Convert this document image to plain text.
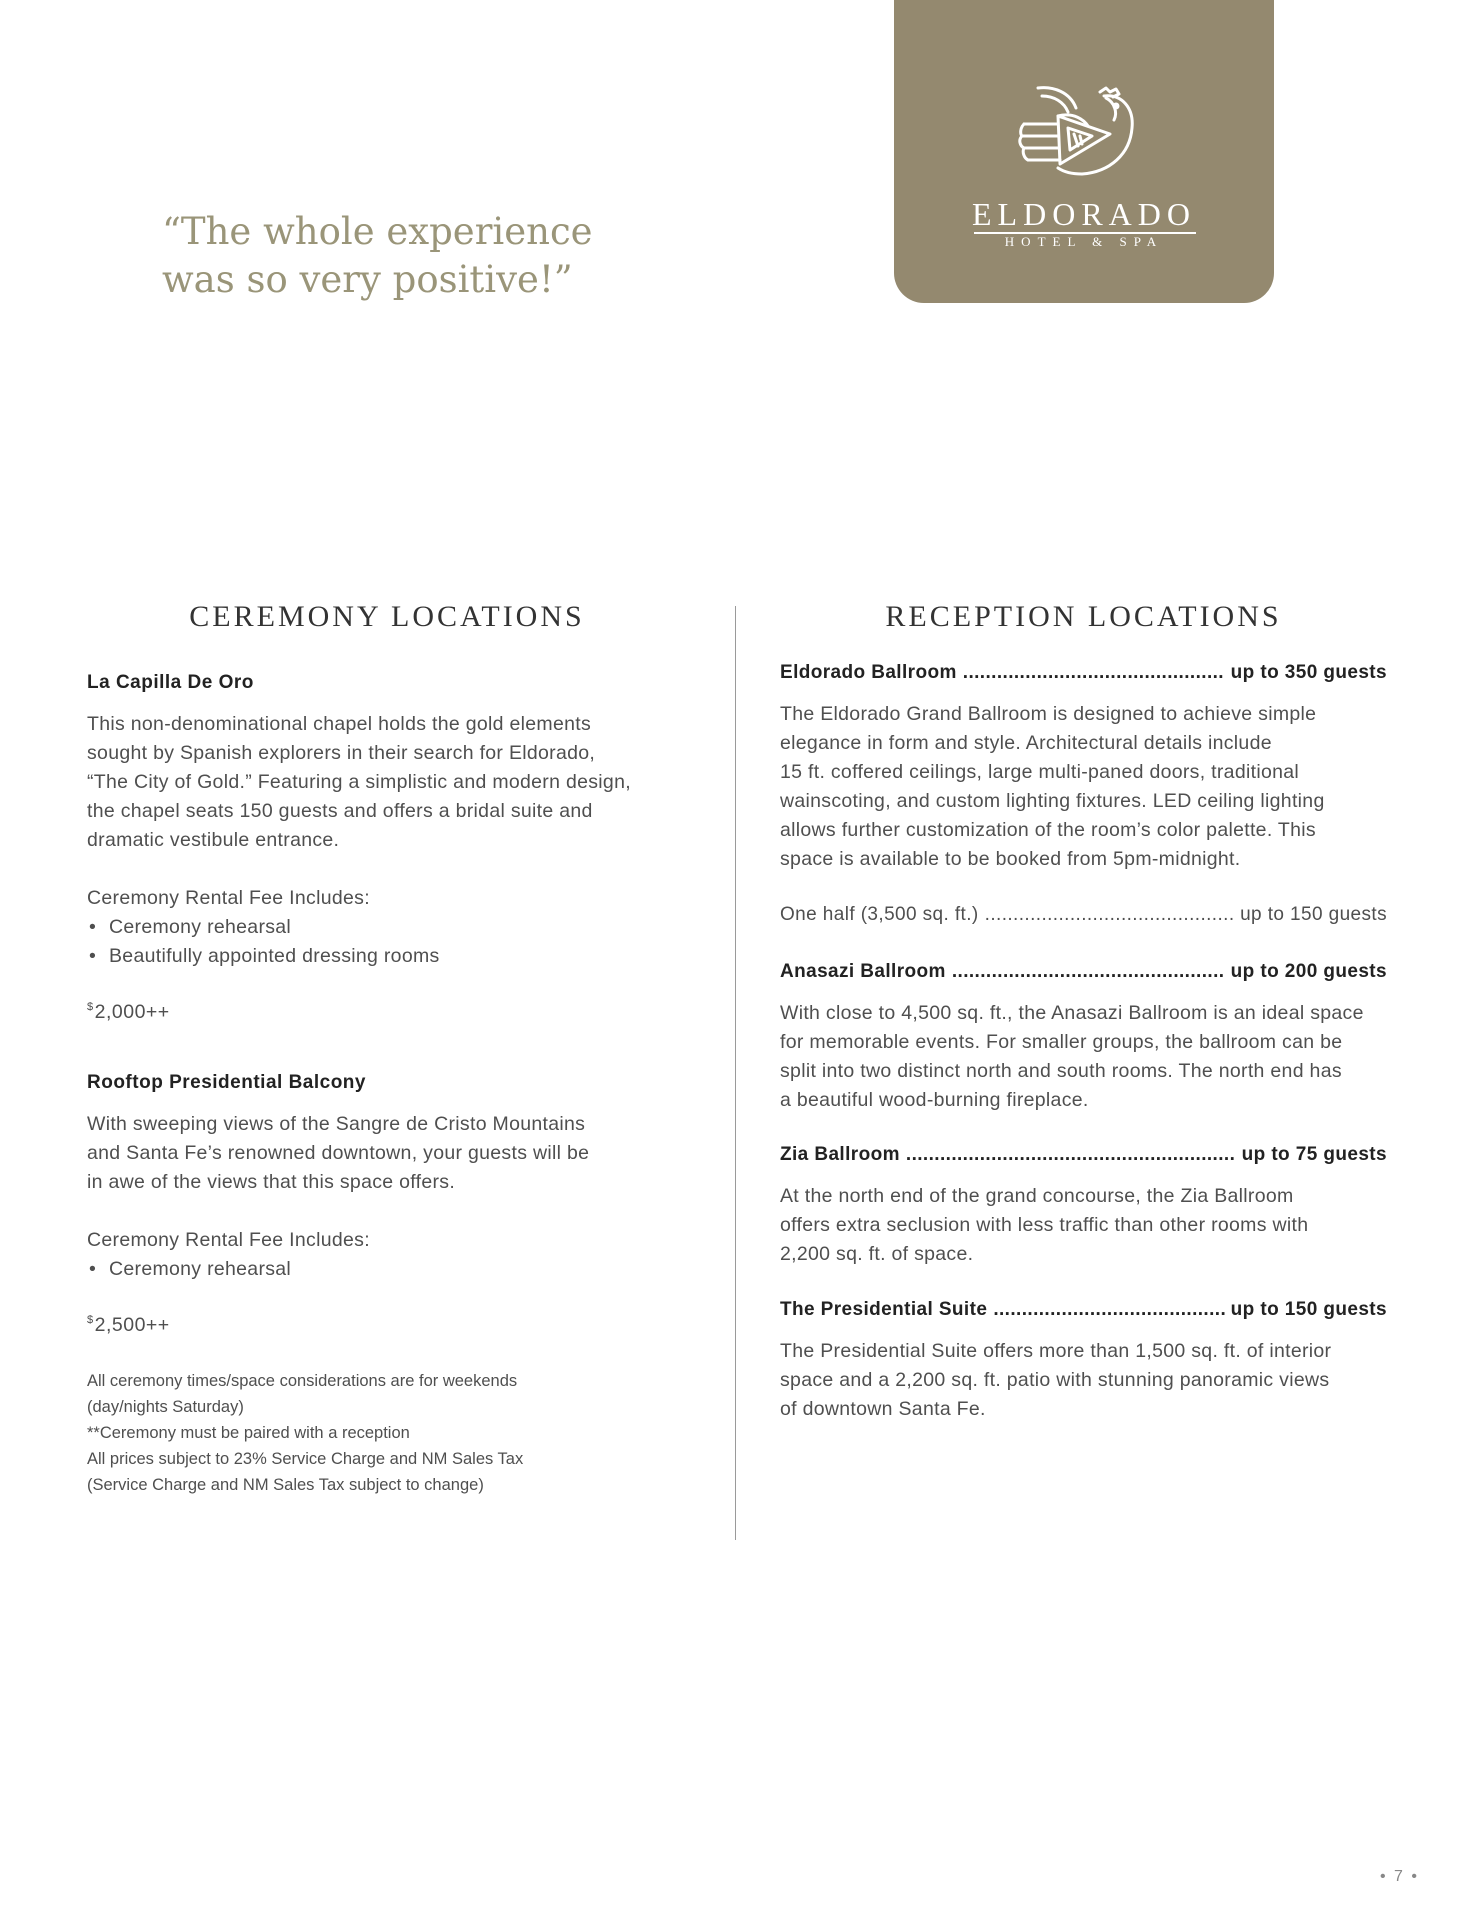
“The whole experience
was so very positive!”
ELDORADO
HOTEL & SPA
CEREMONY LOCATIONS
La Capilla De Oro
This non-denominational chapel holds the gold elements
sought by Spanish explorers in their search for Eldorado,
“The City of Gold.” Featuring a simplistic and modern design,
the chapel seats 150 guests and offers a bridal suite and
dramatic vestibule entrance.
Ceremony Rental Fee Includes:
• Ceremony rehearsal
• Beautifully appointed dressing rooms
$2,000++
Rooftop Presidential Balcony
With sweeping views of the Sangre de Cristo Mountains
and Santa Fe’s renowned downtown, your guests will be
in awe of the views that this space offers.
Ceremony Rental Fee Includes:
• Ceremony rehearsal
$2,500++
All ceremony times/space considerations are for weekends
(day/nights Saturday)
**Ceremony must be paired with a reception
All prices subject to 23% Service Charge and NM Sales Tax
(Service Charge and NM Sales Tax subject to change)
RECEPTION LOCATIONS
Eldorado Ballroom .....	up to 350 guests
The Eldorado Grand Ballroom is designed to achieve simple
elegance in form and style. Architectural details include
15 ft. coffered ceilings, large multi-paned doors, traditional
wainscoting, and custom lighting fixtures. LED ceiling lighting
allows further customization of the room’s color palette. This
space is available to be booked from 5pm-midnight.
One half (3,500 sq. ft.) .....	up to 150 guests
Anasazi Ballroom .....	up to 200 guests
With close to 4,500 sq. ft., the Anasazi Ballroom is an ideal space
for memorable events. For smaller groups, the ballroom can be
split into two distinct north and south rooms. The north end has
a beautiful wood-burning fireplace.
Zia Ballroom .....	up to 75 guests
At the north end of the grand concourse, the Zia Ballroom
offers extra seclusion with less traffic than other rooms with
2,200 sq. ft. of space.
The Presidential Suite .....	up to 150 guests
The Presidential Suite offers more than 1,500 sq. ft. of interior
space and a 2,200 sq. ft. patio with stunning panoramic views
of downtown Santa Fe.
• 7 •
